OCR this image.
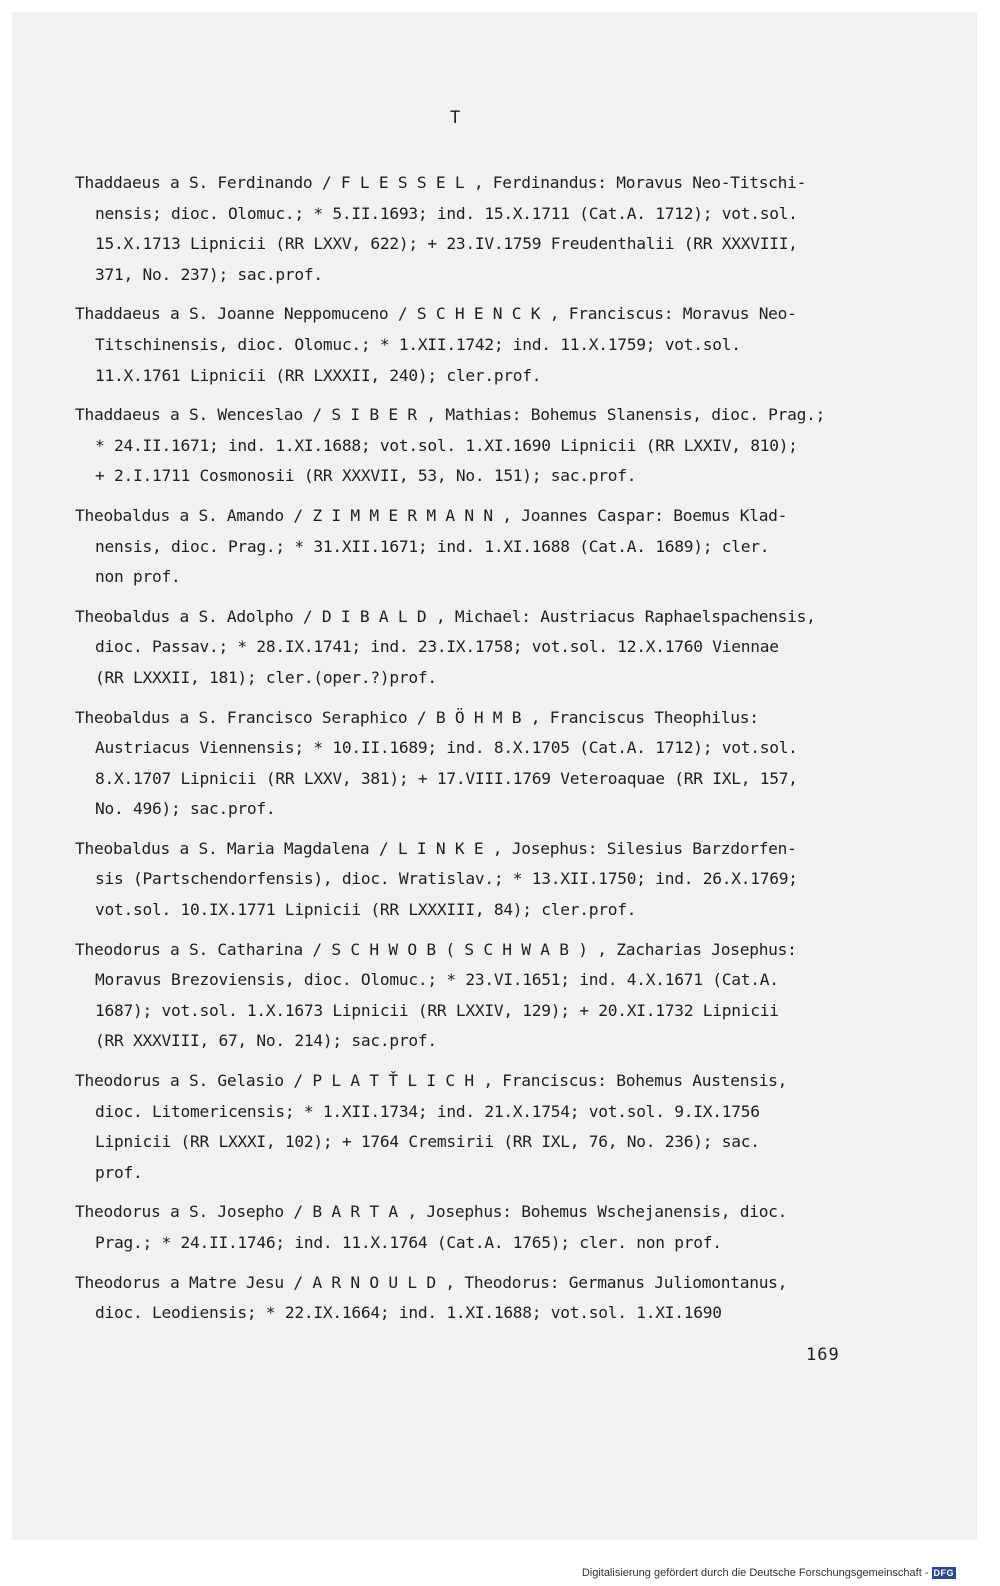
T
Thaddaeus a S. Ferdinando / F L E S S E L , Ferdinandus: Moravus Neo-Titschi-
nensis; dioc. Olomuc.; * 5.II.1693; ind. 15.X.1711 (Cat.A. 1712); vot.sol.
15.X.1713 Lipnicii (RR LXXV, 622); + 23.IV.1759 Freudenthalii (RR XXXVIII,
371, No. 237); sac.prof.
Thaddaeus a S. Joanne Neppomuceno / S C H E N C K , Franciscus: Moravus Neo-
Titschinensis, dioc. Olomuc.; * 1.XII.1742; ind. 11.X.1759; vot.sol.
11.X.1761 Lipnicii (RR LXXXII, 240); cler.prof.
Thaddaeus a S. Wenceslao / S I B E R , Mathias: Bohemus Slanensis, dioc. Prag.;
* 24.II.1671; ind. 1.XI.1688; vot.sol. 1.XI.1690 Lipnicii (RR LXXIV, 810);
+ 2.I.1711 Cosmonosii (RR XXXVII, 53, No. 151); sac.prof.
Theobaldus a S. Amando / Z I M M E R M A N N , Joannes Caspar: Boemus Klad-
nensis, dioc. Prag.; * 31.XII.1671; ind. 1.XI.1688 (Cat.A. 1689); cler.
non prof.
Theobaldus a S. Adolpho / D I B A L D , Michael: Austriacus Raphaelspachensis,
dioc. Passav.; * 28.IX.1741; ind. 23.IX.1758; vot.sol. 12.X.1760 Viennae
(RR LXXXII, 181); cler.(oper.?)prof.
Theobaldus a S. Francisco Seraphico / B Ö H M B , Franciscus Theophilus:
Austriacus Viennensis; * 10.II.1689; ind. 8.X.1705 (Cat.A. 1712); vot.sol.
8.X.1707 Lipnicii (RR LXXV, 381); + 17.VIII.1769 Veteroaquae (RR IXL, 157,
No. 496); sac.prof.
Theobaldus a S. Maria Magdalena / L I N K E , Josephus: Silesius Barzdorfen-
sis (Partschendorfensis), dioc. Wratislav.; * 13.XII.1750; ind. 26.X.1769;
vot.sol. 10.IX.1771 Lipnicii (RR LXXXIII, 84); cler.prof.
Theodorus a S. Catharina / S C H W O B ( S C H W A B ) , Zacharias Josephus:
Moravus Brezoviensis, dioc. Olomuc.; * 23.VI.1651; ind. 4.X.1671 (Cat.A.
1687); vot.sol. 1.X.1673 Lipnicii (RR LXXIV, 129); + 20.XI.1732 Lipnicii
(RR XXXVIII, 67, No. 214); sac.prof.
Theodorus a S. Gelasio / P L A T Ť L I C H , Franciscus: Bohemus Austensis,
dioc. Litomericensis; * 1.XII.1734; ind. 21.X.1754; vot.sol. 9.IX.1756
Lipnicii (RR LXXXI, 102); + 1764 Cremsirii (RR IXL, 76, No. 236); sac.
prof.
Theodorus a S. Josepho / B A R T A , Josephus: Bohemus Wschejanensis, dioc.
Prag.; * 24.II.1746; ind. 11.X.1764 (Cat.A. 1765); cler. non prof.
Theodorus a Matre Jesu / A R N O U L D , Theodorus: Germanus Juliomontanus,
dioc. Leodiensis; * 22.IX.1664; ind. 1.XI.1688; vot.sol. 1.XI.1690
169
Digitalisierung gefördert durch die Deutsche Forschungsgemeinschaft - DFG
